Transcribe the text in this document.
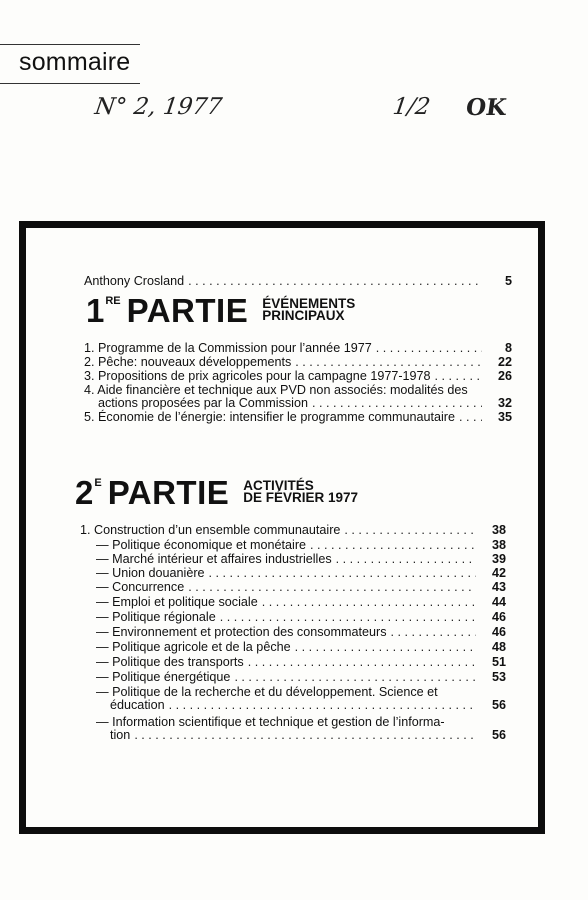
sommaire
N° 2, 1977	1/2 OK
Anthony Crosland . . .	5
1 RE PARTIE ÉVÉNEMENTS
PRINCIPAUX
1. Programme de la Commission pour l’année 1977 . . .	8
2. Pêche: nouveaux développements . . .	22
3. Propositions de prix agricoles pour la campagne 1977-1978 . . .	26
4. Aide financière et technique aux PVD non associés: modalités des
actions proposées par la Commission . . .	32
5. Économie de l’énergie: intensifier le programme communautaire . . .	35
2 E PARTIE ACTIVITÉS
DE FÉVRIER 1977
1. Construction d’un ensemble communautaire . . .	38
— Politique économique et monétaire . . .	38
— Marché intérieur et affaires industrielles . . .	39
— Union douanière . . .	42
— Concurrence . . .	43
— Emploi et politique sociale . . .	44
— Politique régionale . . .	46
— Environnement et protection des consommateurs . . .	46
— Politique agricole et de la pêche . . .	48
— Politique des transports . . .	51
— Politique énergétique . . .	53
— Politique de la recherche et du développement. Science et
éducation . . .	56
— Information scientifique et technique et gestion de l’informa-
tion . . .	56
